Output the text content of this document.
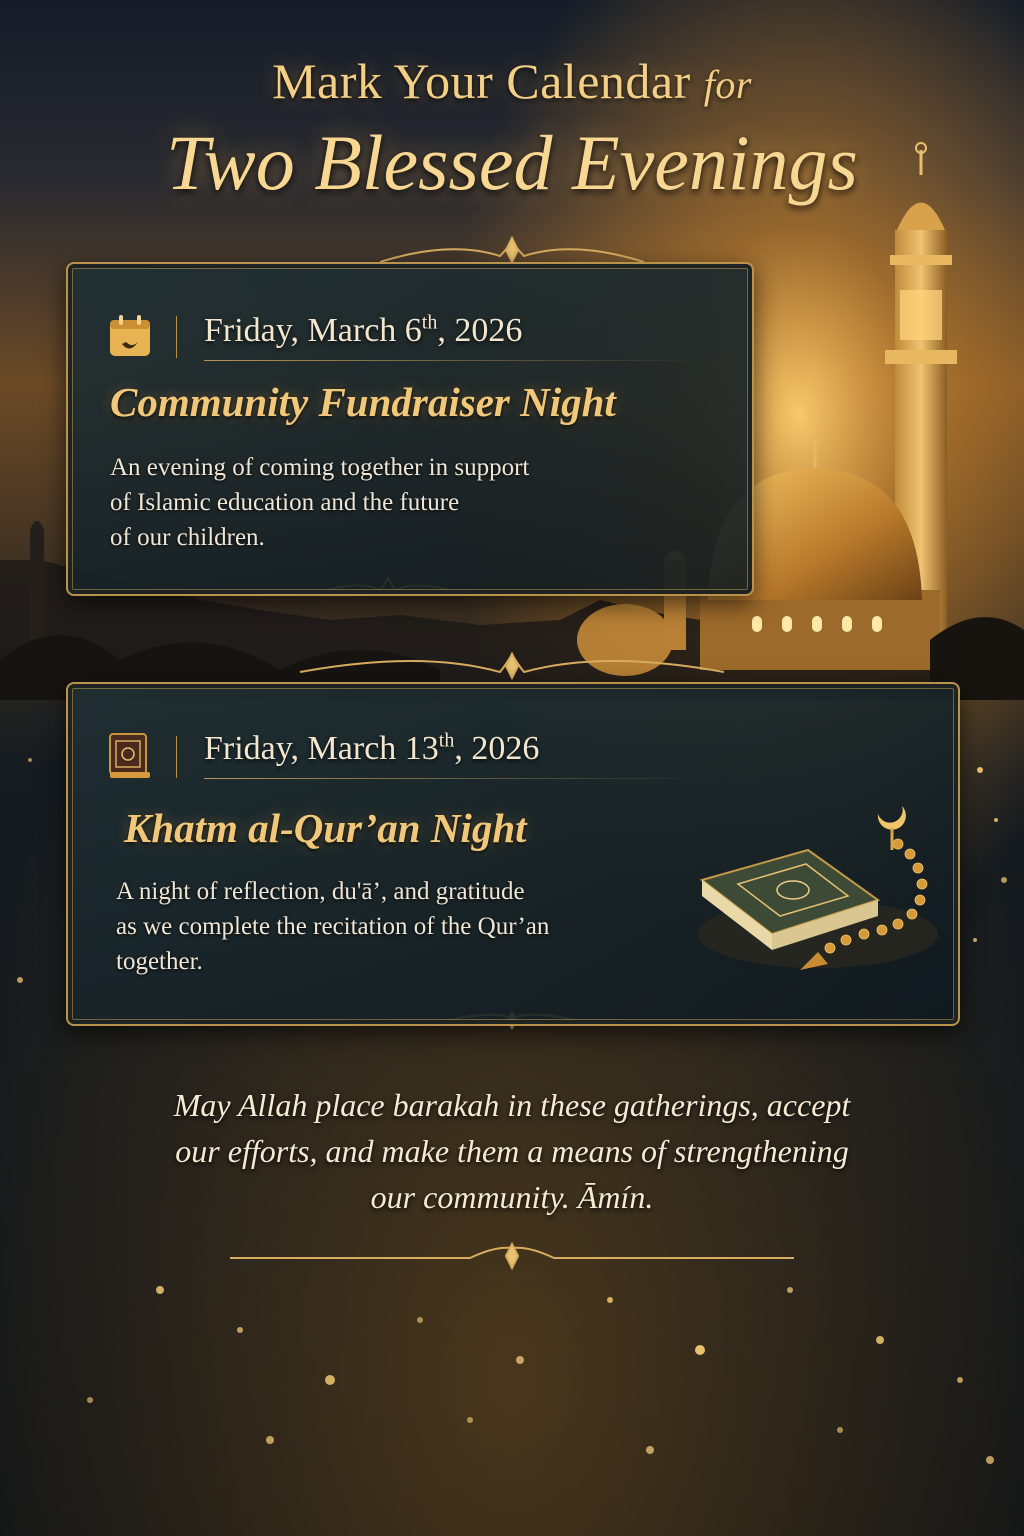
Mark Your Calendar for
Two Blessed Evenings
Friday, March 6th, 2026
Community Fundraiser Night
An evening of coming together in support
of Islamic education and the future
of our children.
Friday, March 13th, 2026
Khatm al-Qur’an Night
A night of reflection, du'ā’, and gratitude
as we complete the recitation of the Qur’an
together.
May Allah place barakah in these gatherings, accept
our efforts, and make them a means of strengthening
our community. Āmín.
